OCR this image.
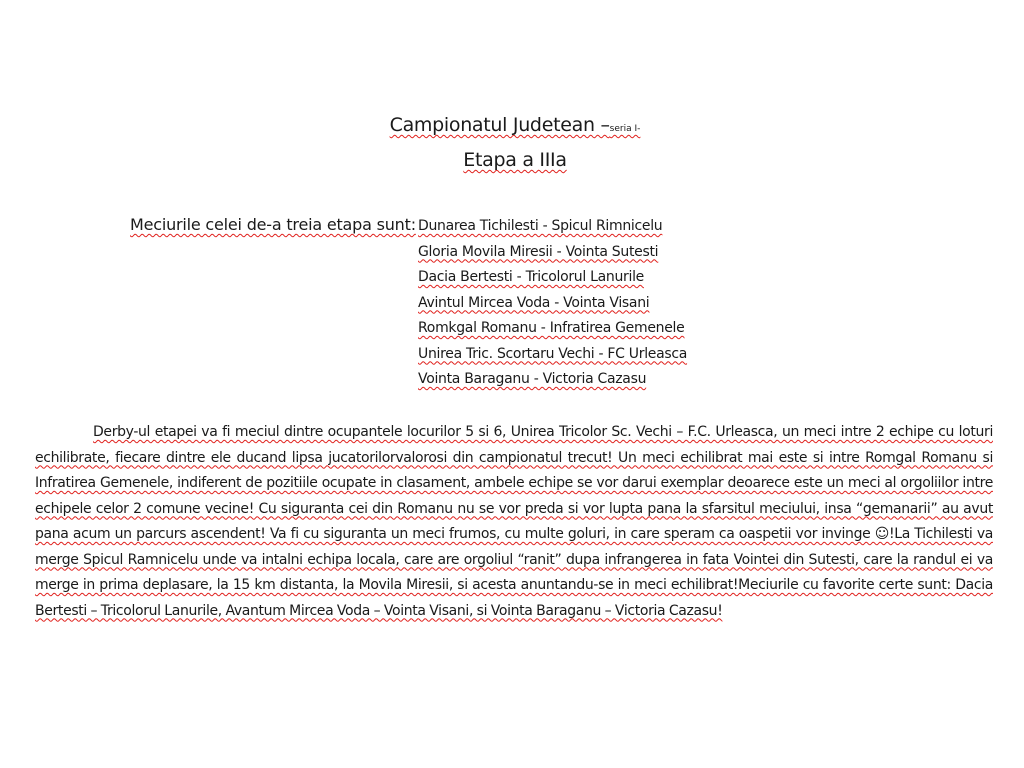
Campionatul Judetean –seria I-
Etapa a IIIa
Meciurile celei de-a treia etapa sunt: Dunarea Tichilesti - Spicul Rimnicelu
Gloria Movila Miresii - Vointa Sutesti
Dacia Bertesti - Tricolorul Lanurile
Avintul Mircea Voda - Vointa Visani
Romkgal Romanu - Infratirea Gemenele
Unirea Tric. Scortaru Vechi - FC Urleasca
Vointa Baraganu - Victoria Cazasu

Derby-ul etapei va fi meciul dintre ocupantele locurilor 5 si 6, Unirea Tricolor Sc. Vechi – F.C. Urleasca, un meci intre 2 echipe cu loturi echilibrate, fiecare dintre ele ducand lipsa jucatorilorvalorosi din campionatul trecut! Un meci echilibrat mai este si intre Romgal Romanu si Infratirea Gemenele, indiferent de pozitiile ocupate in clasament, ambele echipe se vor darui exemplar deoarece este un meci al orgoliilor intre echipele celor 2 comune vecine! Cu siguranta cei din Romanu nu se vor preda si vor lupta pana la sfarsitul meciului, insa “gemanarii” au avut pana acum un parcurs ascendent! Va fi cu siguranta un meci frumos, cu multe goluri, in care speram ca oaspetii vor invinge ☺!La Tichilesti va merge Spicul Ramnicelu unde va intalni echipa locala, care are orgoliul “ranit” dupa infrangerea in fata Vointei din Sutesti, care la randul ei va merge in prima deplasare, la 15 km distanta, la Movila Miresii, si acesta anuntandu-se in meci echilibrat!Meciurile cu favorite certe sunt: Dacia Bertesti – Tricolorul Lanurile, Avantum Mircea Voda – Vointa Visani, si Vointa Baraganu – Victoria Cazasu!
